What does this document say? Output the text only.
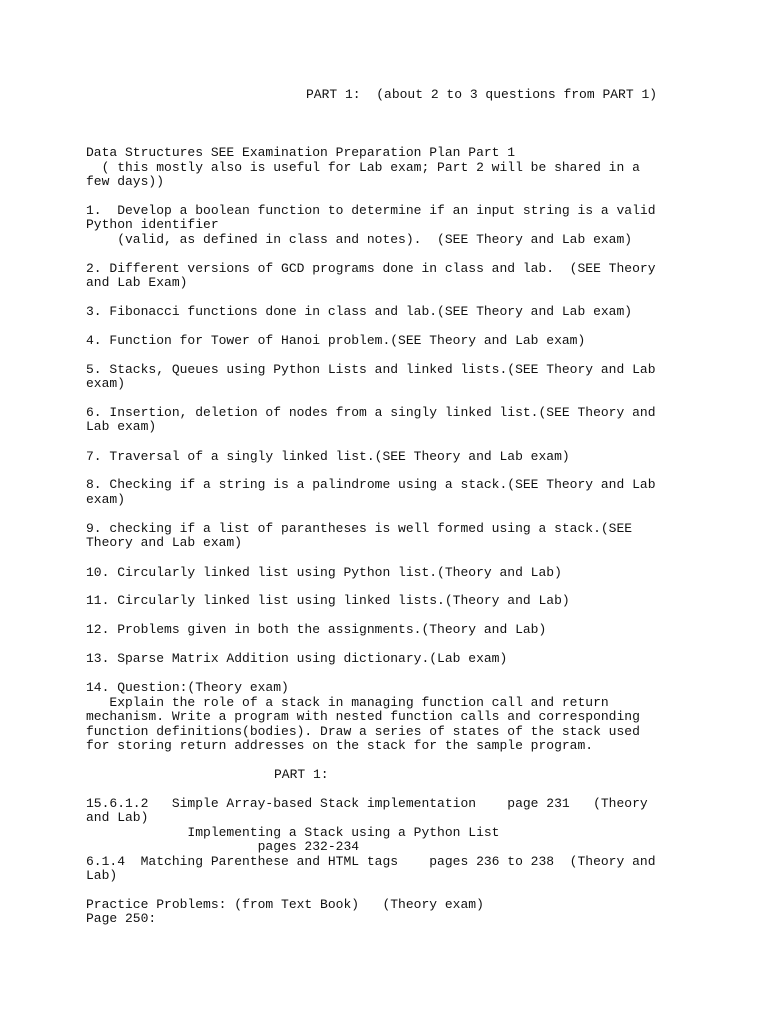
PART 1:  (about 2 to 3 questions from PART 1)
Data Structures SEE Examination Preparation Plan Part 1
( this mostly also is useful for Lab exam; Part 2 will be shared in a
few days))
1.  Develop a boolean function to determine if an input string is a valid
Python identifier
(valid, as defined in class and notes).  (SEE Theory and Lab exam)
2. Different versions of GCD programs done in class and lab.  (SEE Theory
and Lab Exam)
3. Fibonacci functions done in class and lab.(SEE Theory and Lab exam)
4. Function for Tower of Hanoi problem.(SEE Theory and Lab exam)
5. Stacks, Queues using Python Lists and linked lists.(SEE Theory and Lab
exam)
6. Insertion, deletion of nodes from a singly linked list.(SEE Theory and
Lab exam)
7. Traversal of a singly linked list.(SEE Theory and Lab exam)
8. Checking if a string is a palindrome using a stack.(SEE Theory and Lab
exam)
9. checking if a list of parantheses is well formed using a stack.(SEE
Theory and Lab exam)
10. Circularly linked list using Python list.(Theory and Lab)
11. Circularly linked list using linked lists.(Theory and Lab)
12. Problems given in both the assignments.(Theory and Lab)
13. Sparse Matrix Addition using dictionary.(Lab exam)
14. Question:(Theory exam)
Explain the role of a stack in managing function call and return
mechanism. Write a program with nested function calls and corresponding
function definitions(bodies). Draw a series of states of the stack used
for storing return addresses on the stack for the sample program.
PART 1:
15.6.1.2   Simple Array-based Stack implementation    page 231   (Theory
and Lab)
Implementing a Stack using a Python List
pages 232-234
6.1.4  Matching Parenthese and HTML tags    pages 236 to 238  (Theory and
Lab)
Practice Problems: (from Text Book)   (Theory exam)
Page 250:
